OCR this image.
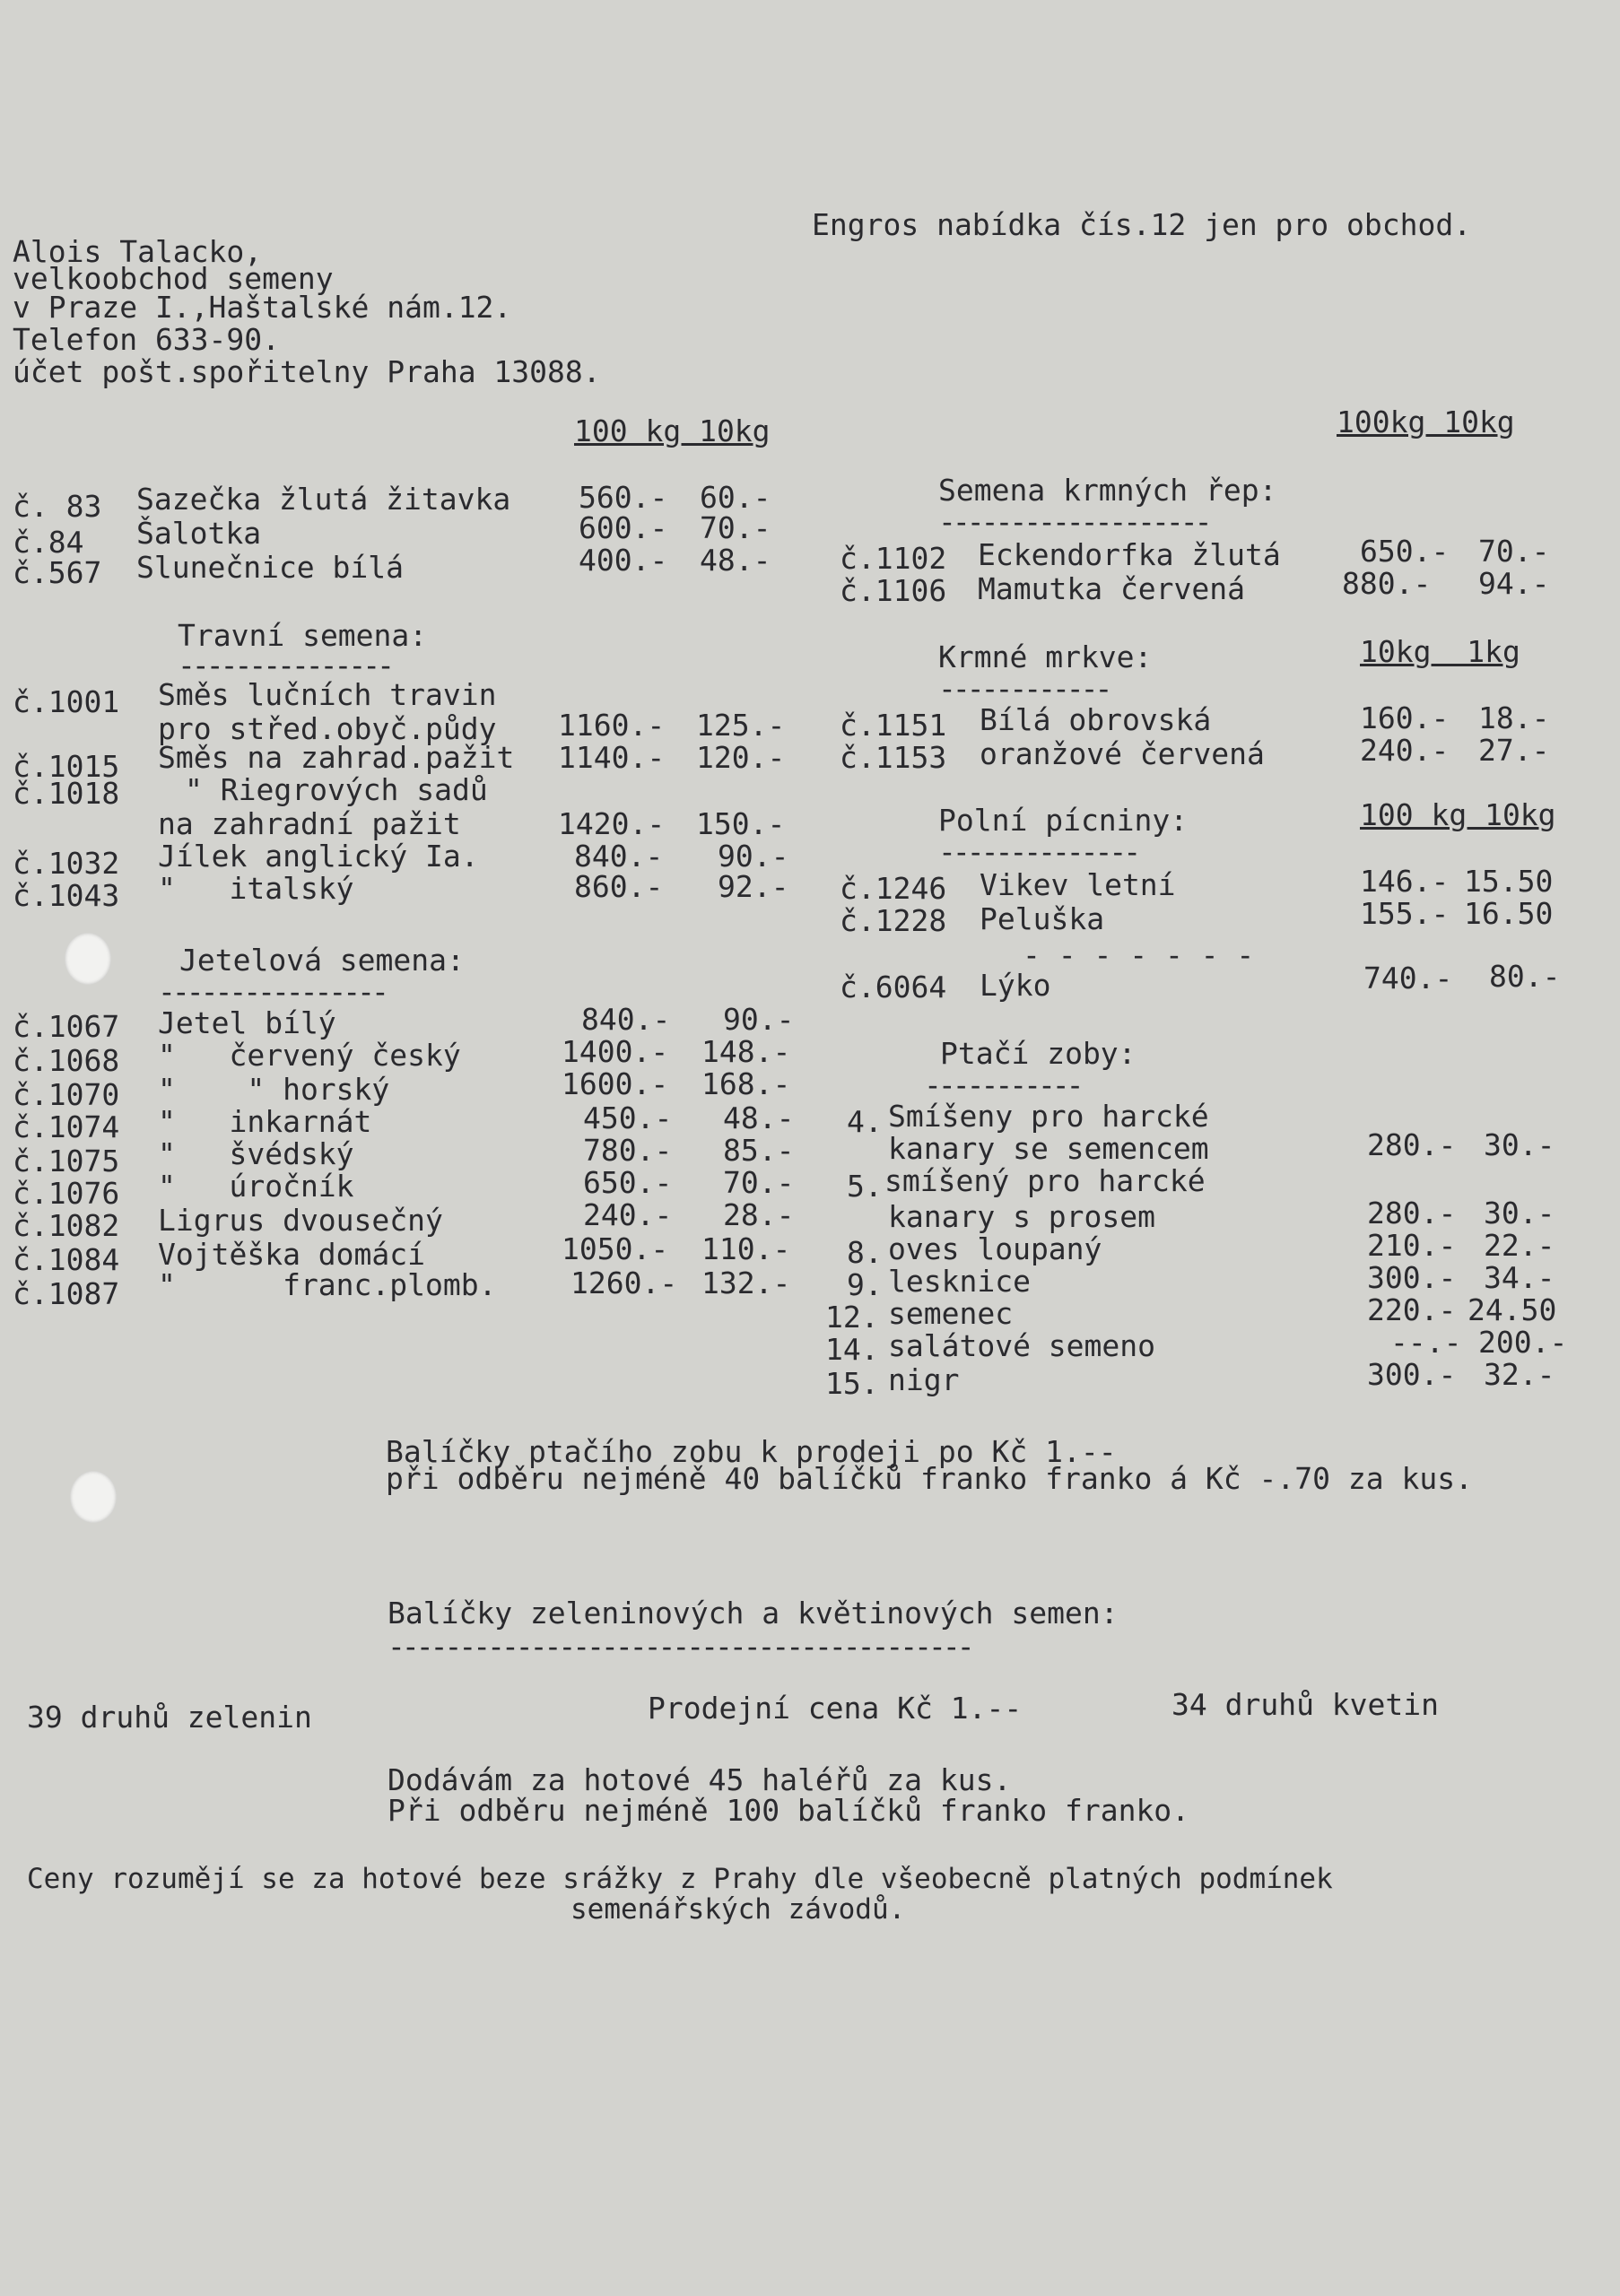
Alois Talacko,
velkoobchod semeny
v Praze I.,Haštalské nám.12.
Telefon 633-90.
účet pošt.spořitelny Praha 13088.
Engros nabídka čís.12 jen pro obchod.
100 kg 10kg
č. 83 Sazečka žlutá žitavka 560.- 60.-
č.84 Šalotka	600.- 70.-
č.567 Slunečnice bílá	400.- 48.-
Travní semena:
---------------
č.1001 Směs lučních travin
pro střed.obyč.půdy 1160.- 125.-
č.1015 Směs na zahrad.pažit 1140.- 120.-
č.1018 " Riegrových sadů
na zahradní pažit	1420.- 150.-
č.1032 Jílek anglický Ia.	840.- 90.-
č.1043 "   italský	860.- 92.-
Jetelová semena:
----------------
č.1067 Jetel bílý	840.- 90.-
č.1068 "   červený český	1400.- 148.-
č.1070 "    " horský	1600.- 168.-
č.1074 "   inkarnát	450.- 48.-
č.1075 "   švédský	780.- 85.-
č.1076 "   úročník	650.- 70.-
č.1082 Ligrus dvousečný	240.- 28.-
č.1084 Vojtěška domácí	1050.- 110.-
č.1087 "      franc.plomb.	1260.- 132.-
100kg 10kg
Semena krmných řep:
-------------------
č.1102 Eckendorfka žlutá	650.- 70.-
č.1106 Mamutka červená	880.- 94.-
Krmné mrkve:	10kg  1kg
------------
č.1151 Bílá obrovská	160.- 18.-
č.1153 oranžové červená	240.- 27.-
Polní pícniny:	100 kg 10kg
--------------
č.1246 Vikev letní	146.- 15.50
č.1228 Peluška	155.- 16.50
- - - - - - -
č.6064 Lýko	740.- 80.-
Ptačí zoby:
-----------
4. Smíšeny pro harcké
kanary se semencem	280.- 30.-
5. smíšený pro harcké
kanary s prosem	280.- 30.-
8. oves loupaný	210.- 22.-
9. lesknice	300.- 34.-
12. semenec	220.- 24.50
14. salátové semeno	--.- 200.-
15. nigr	300.- 32.-
Balíčky ptačího zobu k prodeji po Kč 1.--
při odběru nejméně 40 balíčků franko franko á Kč -.70 za kus.
Balíčky zeleninových a květinových semen:
-----------------------------------------
39 druhů zelenin	Prodejní cena Kč 1.--	34 druhů kvetin
Dodávám za hotové 45 haléřů za kus.
Při odběru nejméně 100 balíčků franko franko.
Ceny rozumějí se za hotové beze srážky z Prahy dle všeobecně platných podmínek
semenářských závodů.
